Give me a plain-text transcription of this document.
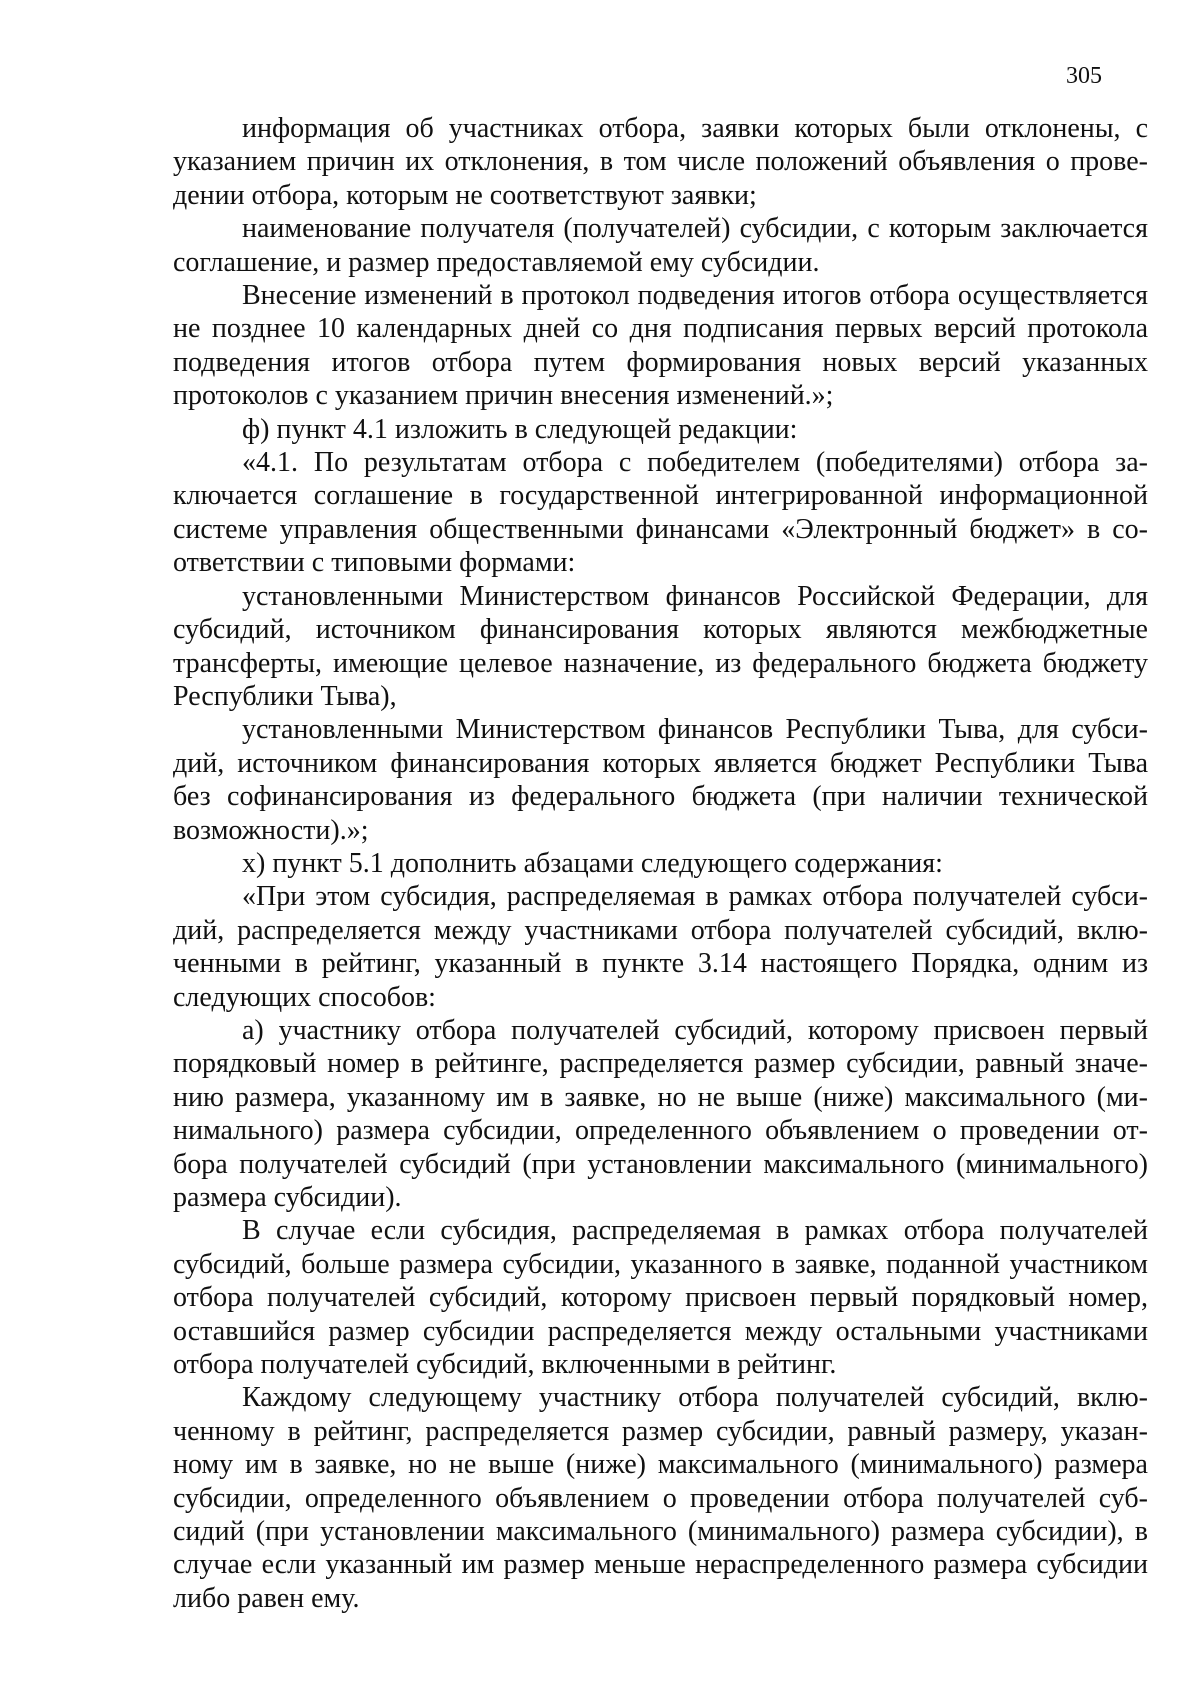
305

информация об участниках отбора, заявки которых были отклонены, с указанием причин их отклонения, в том числе положений объявления о проведении отбора, которым не соответствуют заявки;

наименование получателя (получателей) субсидии, с которым заключается соглашение, и размер предоставляемой ему субсидии.

Внесение изменений в протокол подведения итогов отбора осуществляется не позднее 10 календарных дней со дня подписания первых версий протокола подведения итогов отбора путем формирования новых версий указанных протоколов с указанием причин внесения изменений.»;

ф) пункт 4.1 изложить в следующей редакции:

«4.1. По результатам отбора с победителем (победителями) отбора заключается соглашение в государственной интегрированной информационной системе управления общественными финансами «Электронный бюджет» в соответствии с типовыми формами:

установленными Министерством финансов Российской Федерации, для субсидий, источником финансирования которых являются межбюджетные трансферты, имеющие целевое назначение, из федерального бюджета бюджету Республики Тыва),

установленными Министерством финансов Республики Тыва, для субсидий, источником финансирования которых является бюджет Республики Тыва без софинансирования из федерального бюджета (при наличии технической возможности).»;

х) пункт 5.1 дополнить абзацами следующего содержания:

«При этом субсидия, распределяемая в рамках отбора получателей субсидий, распределяется между участниками отбора получателей субсидий, включенными в рейтинг, указанный в пункте 3.14 настоящего Порядка, одним из следующих способов:

а) участнику отбора получателей субсидий, которому присвоен первый порядковый номер в рейтинге, распределяется размер субсидии, равный значению размера, указанному им в заявке, но не выше (ниже) максимального (минимального) размера субсидии, определенного объявлением о проведении отбора получателей субсидий (при установлении максимального (минимального) размера субсидии).

В случае если субсидия, распределяемая в рамках отбора получателей субсидий, больше размера субсидии, указанного в заявке, поданной участником отбора получателей субсидий, которому присвоен первый порядковый номер, оставшийся размер субсидии распределяется между остальными участниками отбора получателей субсидий, включенными в рейтинг.

Каждому следующему участнику отбора получателей субсидий, включенному в рейтинг, распределяется размер субсидии, равный размеру, указанному им в заявке, но не выше (ниже) максимального (минимального) размера субсидии, определенного объявлением о проведении отбора получателей субсидий (при установлении максимального (минимального) размера субсидии), в случае если указанный им размер меньше нераспределенного размера субсидии либо равен ему.
